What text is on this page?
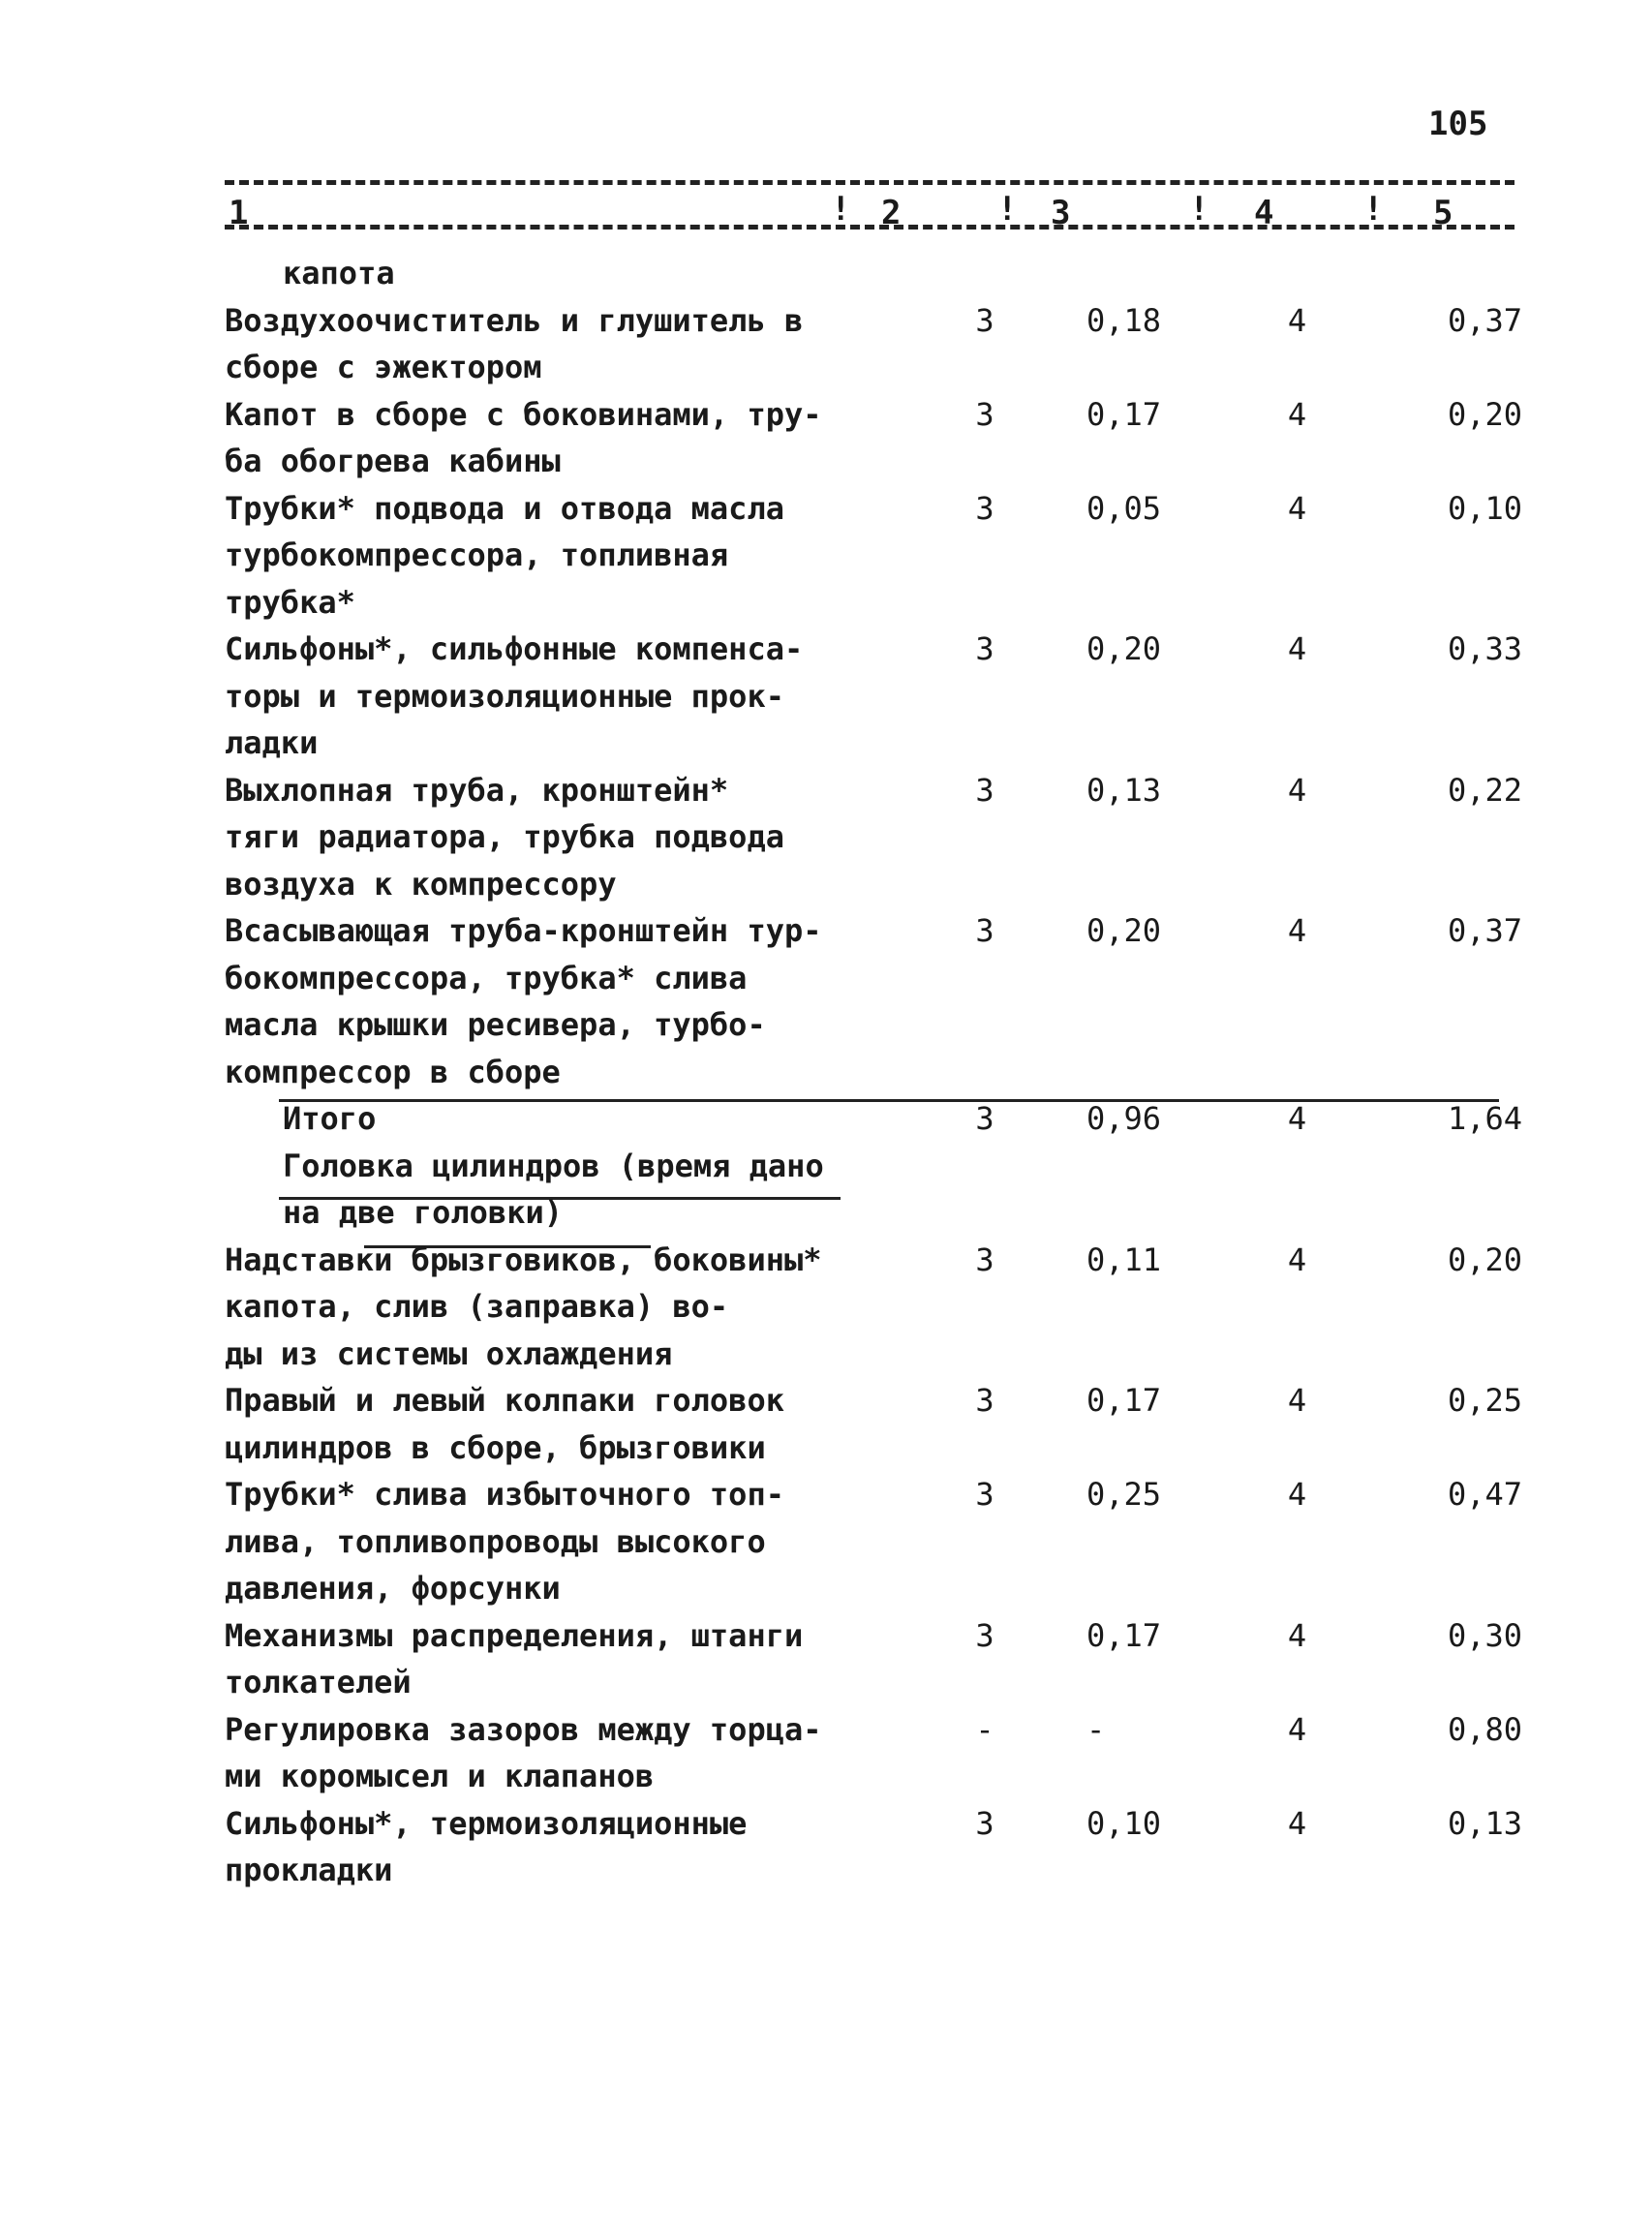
105
1	! 2	! 3	! 4	! 5
капота
Воздухоочиститель и глушитель в
сборе с эжектором
3	0,18	4	0,37
Капот в сборе с боковинами, тру-
ба обогрева кабины
3	0,17	4	0,20
Трубки* подвода и отвода масла
турбокомпрессора, топливная
трубка*
3	0,05	4	0,10
Сильфоны*, сильфонные компенса-
торы и термоизоляционные прок-
ладки
3	0,20	4	0,33
Выхлопная труба, кронштейн*
тяги радиатора, трубка подвода
воздуха к компрессору
3	0,13	4	0,22
Всасывающая труба-кронштейн тур-
бокомпрессора, трубка* слива
масла крышки ресивера, турбо-
компрессор в сборе
3	0,20	4	0,37
Итого	3	0,96	4	1,64
Головка цилиндров (время дано
на две головки)
Надставки брызговиков, боковины*
капота, слив (заправка) во-
ды из системы охлаждения
3	0,11	4	0,20
Правый и левый колпаки головок
цилиндров в сборе, брызговики
3	0,17	4	0,25
Трубки* слива избыточного топ-
лива, топливопроводы высокого
давления, форсунки
3	0,25	4	0,47
Механизмы распределения, штанги
толкателей
3	0,17	4	0,30
Регулировка зазоров между торца-
ми коромысел и клапанов
-	-	4	0,80
Сильфоны*, термоизоляционные
прокладки
3	0,10	4	0,13
